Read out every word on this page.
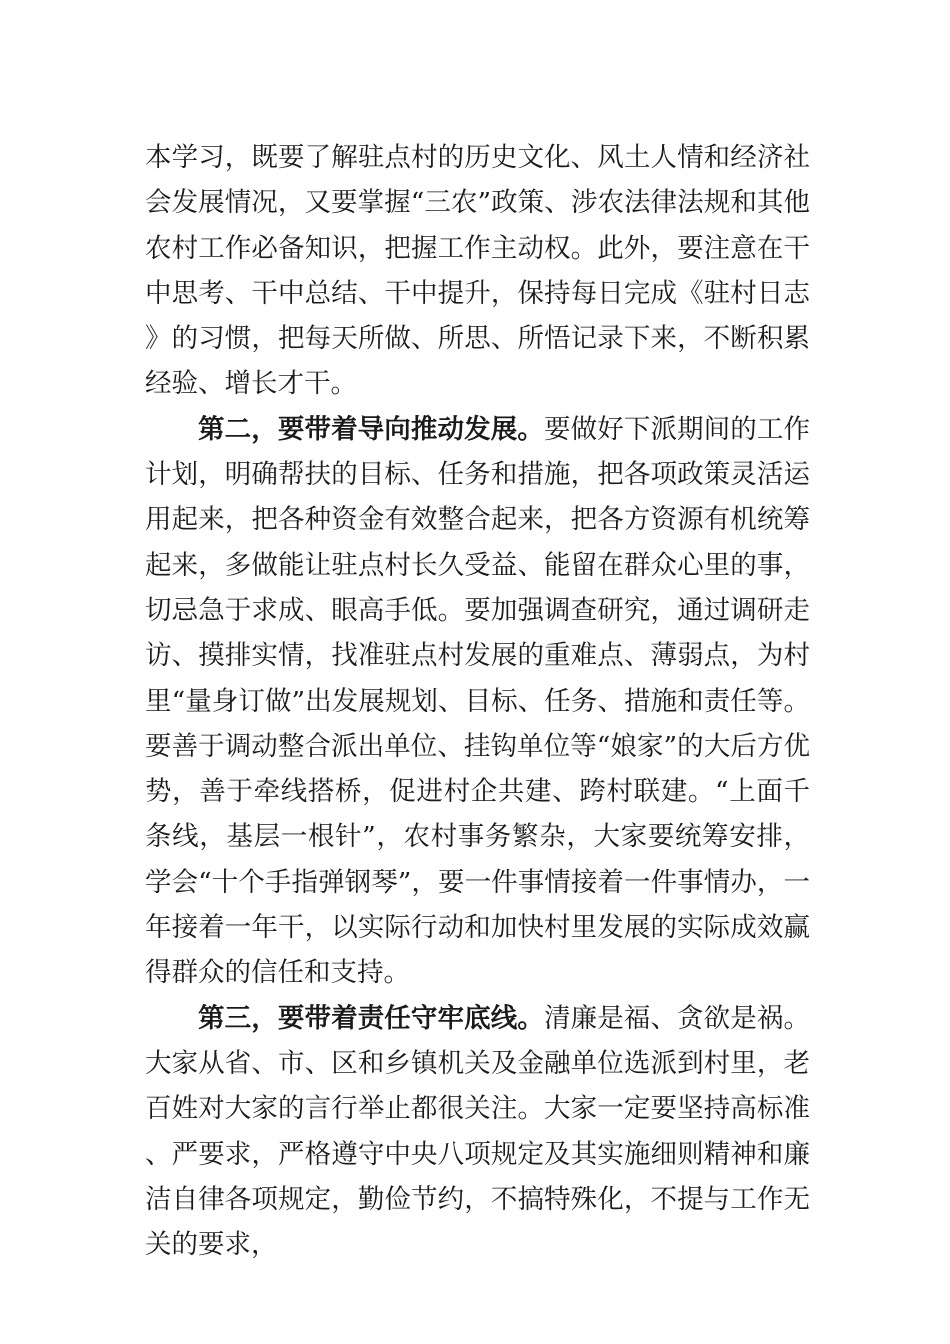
本学习，既要了解驻点村的历史文化、风土人情和经济社会发展情况，又要掌握“三农”政策、涉农法律法规和其他农村工作必备知识，把握工作主动权。此外，要注意在干中思考、干中总结、干中提升，保持每日完成《驻村日志》的习惯，把每天所做、所思、所悟记录下来，不断积累经验、增长才干。

第二，要带着导向推动发展。要做好下派期间的工作计划，明确帮扶的目标、任务和措施，把各项政策灵活运用起来，把各种资金有效整合起来，把各方资源有机统筹起来，多做能让驻点村长久受益、能留在群众心里的事，切忌急于求成、眼高手低。要加强调查研究，通过调研走访、摸排实情，找准驻点村发展的重难点、薄弱点，为村里“量身订做”出发展规划、目标、任务、措施和责任等。要善于调动整合派出单位、挂钩单位等“娘家”的大后方优势，善于牵线搭桥，促进村企共建、跨村联建。“上面千条线，基层一根针”，农村事务繁杂，大家要统筹安排，学会“十个手指弹钢琴”，要一件事情接着一件事情办，一年接着一年干，以实际行动和加快村里发展的实际成效赢得群众的信任和支持。

第三，要带着责任守牢底线。清廉是福、贪欲是祸。大家从省、市、区和乡镇机关及金融单位选派到村里，老百姓对大家的言行举止都很关注。大家一定要坚持高标准、严要求，严格遵守中央八项规定及其实施细则精神和廉洁自律各项规定，勤俭节约，不搞特殊化，不提与工作无关的要求，
